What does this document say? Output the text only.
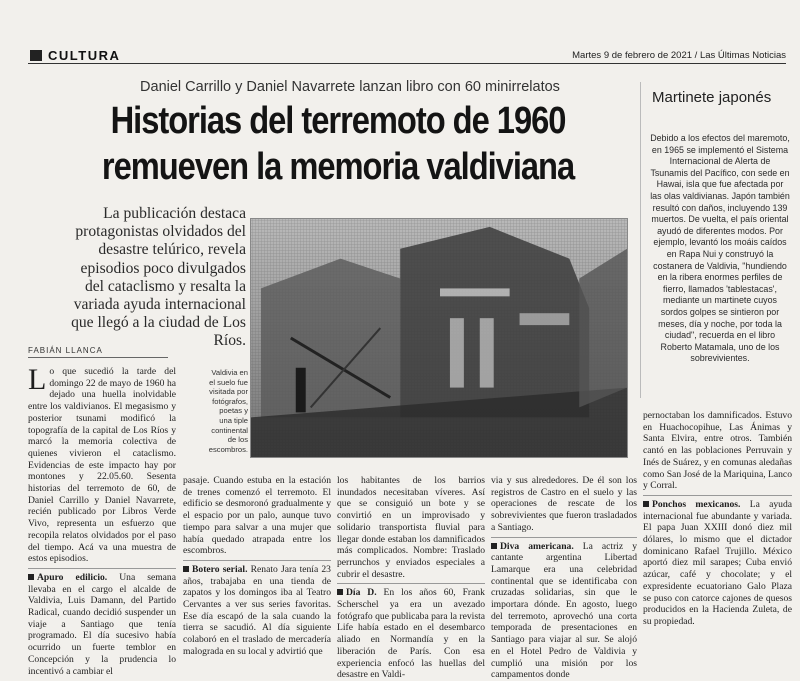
CULTURA	Martes 9 de febrero de 2021 / Las Últimas Noticias
Daniel Carrillo y Daniel Navarrete lanzan libro con 60 minirrelatos
Historias del terremoto de 1960
remueven la memoria valdiviana
La publicación destaca protagonistas olvidados del desastre telúrico, revela episodios poco divulgados del cataclismo y resalta la variada ayuda internacional que llegó a la ciudad de Los Ríos.
FABIÁN LLANCA
Valdivia en el suelo fue visitada por fotógrafos, poetas y una tiple continental de los escombros.

Lo que sucedió la tarde del domingo 22 de mayo de 1960 ha dejado una huella inolvidable entre los valdivianos. El megasismo y posterior tsunami modificó la topografía de la capital de Los Ríos y marcó la memoria colectiva de quienes vivieron el cataclismo. Evidencias de este impacto hay por montones y 22.05.60. Sesenta historias del terremoto de 60, de Daniel Carrillo y Daniel Navarrete, recién publicado por Libros Verde Vivo, representa un esfuerzo que recopila relatos olvidados por el paso del tiempo. Acá va una muestra de estos episodios.

Apuro edilicio. Una semana llevaba en el cargo el alcalde de Valdivia, Luis Damann, del Partido Radical, cuando decidió suspender un viaje a Santiago que tenía programado. El día sucesivo había ocurrido un fuerte temblor en Concepción y la prudencia lo incentivó a cambiar el

pasaje. Cuando estuba en la estación de trenes comenzó el terremoto. El edificio se desmoronó gradualmente y el espacio por un palo, aunque tuvo tiempo para salvar a una mujer que había quedado atrapada entre los escombros.

Botero serial. Renato Jara tenía 23 años, trabajaba en una tienda de zapatos y los domingos iba al Teatro Cervantes a ver sus series favoritas. Ese día escapó de la sala cuando la tierra se sacudió. Al día siguiente colaboró en el traslado de mercadería malograda en su local y advirtió que

los habitantes de los barrios inundados necesitaban víveres. Así que se consiguió un bote y se convirtió en un improvisado y solidario transportista fluvial para llegar donde estaban los damnificados más complicados. Nombre: Traslado perrunchos y enviados especiales a cubrir el desastre.

Día D. En los años 60, Frank Scherschel ya era un avezado fotógrafo que publicaba para la revista Life había estado en el desembarco aliado en Normandía y en la liberación de París. Con esa experiencia enfocó las huellas del desastre en Valdi-

via y sus alrededores. De él son los registros de Castro en el suelo y las operaciones de rescate de los sobrevivientes que fueron trasladados a Santiago.

Diva americana. La actriz y cantante argentina Libertad Lamarque era una celebridad continental que se identificaba con cruzadas solidarias, sin que le importara dónde. En agosto, luego del terremoto, aprovechó una corta temporada de presentaciones en Santiago para viajar al sur. Se alojó en el Hotel Pedro de Valdivia y cumplió una misión por los campamentos donde

pernoctaban los damnificados. Estuvo en Huachocopihue, Las Ánimas y Santa Elvira, entre otros. También cantó en las poblaciones Perruvain y Inés de Suárez, y en comunas aledañas como San José de la Mariquina, Lanco y Corral.

Ponchos mexicanos. La ayuda internacional fue abundante y variada. El papa Juan XXIII donó diez mil dólares, lo mismo que el dictador dominicano Rafael Trujillo. México aportó diez mil sarapes; Cuba envió azúcar, café y chocolate; y el expresidente ecuatoriano Galo Plaza se puso con catorce cajones de quesos producidos en la Hacienda Zuleta, de su propiedad.

Martinete japonés
Debido a los efectos del maremoto, en 1965 se implementó el Sistema Internacional de Alerta de Tsunamis del Pacífico, con sede en Hawai, isla que fue afectada por las olas valdivianas. Japón también resultó con daños, incluyendo 139 muertos. De vuelta, el país oriental ayudó de diferentes modos. Por ejemplo, levantó los moáis caídos en Rapa Nui y construyó la costanera de Valdivia, "hundiendo en la ribera enormes perfiles de fierro, llamados 'tablestacas', mediante un martinete cuyos sordos golpes se sintieron por meses, día y noche, por toda la ciudad", recuerda en el libro Roberto Matamala, uno de los sobrevivientes.
